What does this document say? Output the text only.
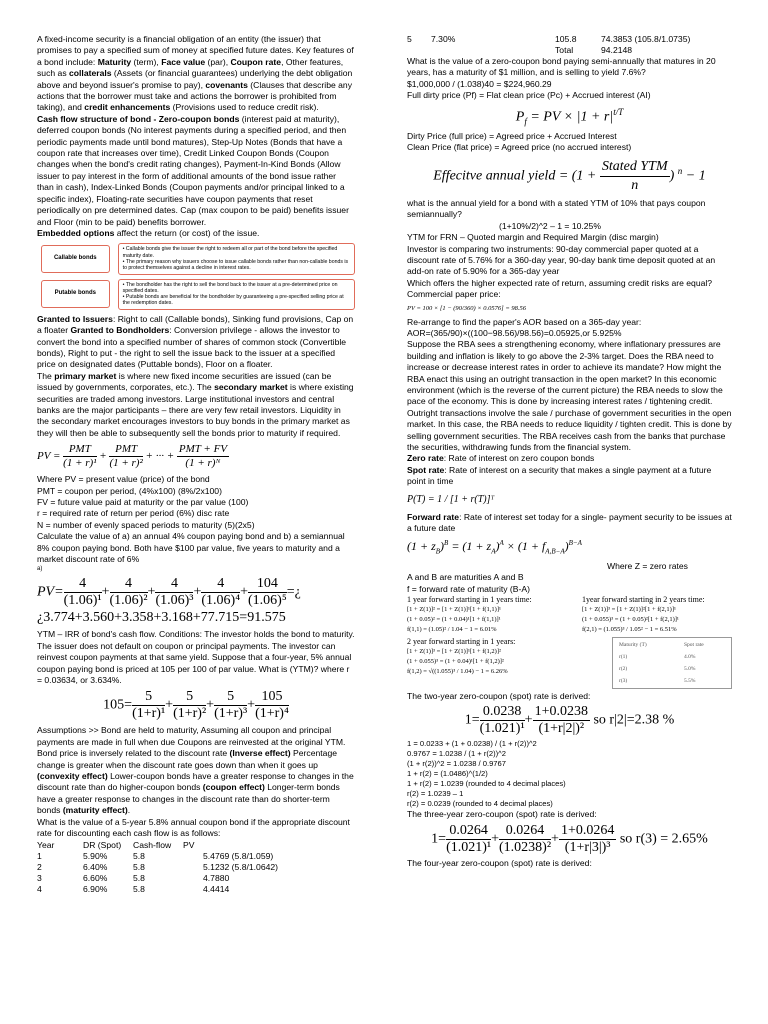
A fixed-income security is a financial obligation of an entity (the issuer) that promises to pay a specified sum of money at specified future dates. Key features of a bond include: Maturity (term), Face value (par), Coupon rate, Other features, such as collaterals (Assets (or financial guarantees) underlying the debt obligation above and beyond issuer's promise to pay), covenants (Clauses that describe any actions that the borrower must take and actions the borrower is prohibited from taking), and credit enhancements (Provisions used to reduce credit risk).

Cash flow structure of bond - Zero-coupon bonds (interest paid at maturity), deferred coupon bonds (No interest payments during a specified period, and then periodic payments made until bond matures), Step-Up Notes (Bonds that have a coupon rate that increases over time), Credit Linked Coupon Bonds (Coupon changes when the bond's credit rating changes), Payment-In-Kind Bonds (Allow issuer to pay interest in the form of additional amounts of the bond issue rather than in cash), Index-Linked Bonds (Coupon payments and/or principal linked to a specific index), Floating-rate securities have coupon payments that reset periodically on pre determined dates. Cap (max coupon to be paid) benefits issuer and Floor (min to be paid) benefits borrower.

Embedded options affect the return (or cost) of the issue.

Callable bonds
• Callable bonds give the issuer the right to redeem all or part of the bond before the specified maturity date.
• The primary reason why issuers choose to issue callable bonds rather than non-callable bonds is to protect themselves against a decline in interest rates.
Putable bonds
• The bondholder has the right to sell the bond back to the issuer at a pre-determined price on specified dates.
• Putable bonds are beneficial for the bondholder by guaranteeing a pre-specified selling price at the redemption dates.

Granted to Issuers: Right to call (Callable bonds), Sinking fund provisions, Cap on a floater Granted to Bondholders: Conversion privilege - allows the investor to convert the bond into a specified number of shares of common stock (Convertible bonds), Right to put - the right to sell the issue back to the issuer at a specified price on designated dates (Puttable bonds), Floor on a floater.

The primary market is where new fixed income securities are issued (can be issued by governments, corporates, etc.). The secondary market is where existing securities are traded among investors. Large institutional investors and central banks are the major participants – there are very few retail investors. Liquidity in the secondary market encourages investors to buy bonds in the primary market as they will then be able to subsequently sell the bonds prior to maturity if required.

PV = $\frac{\text{PMT}}{\text{(1 + r)¹}} + \frac{\text{PMT}}{\text{(1 + r)²}}$ + ··· + $\frac{\text{PMT + FV}}{\text{(1 + r)ᴺ}}$

Where PV = present value (price) of the bond

PMT = coupon per period, (4%x100) (8%/2x100)

FV = future value paid at maturity or the par value (100)

r = required rate of return per period (6%) disc rate

N = number of evenly spaced periods to maturity (5)(2x5)

Calculate the value of a) an annual 4% coupon paying bond and b) a semiannual 8% coupon paying bond. Both have $100 par value, five years to maturity and a market discount rate of 6%

a)

$PV= \frac{4}{\text{(1.06)¹}} + \frac{4}{\text{(1.06)²}} + \frac{4}{\text{(1.06)³}} + \frac{4}{\text{(1.06)⁴}} + \frac{104}{\text{(1.06)⁵}}$ =¿
¿3.774+3.560+3.358+3.168+77.715=91.575

YTM – IRR of bond's cash flow. Conditions: The investor holds the bond to maturity. The issuer does not default on coupon or principal payments. The investor can reinvest coupon payments at that same yield. Suppose that a four-year, 5% annual coupon paying bond is priced at 105 per 100 of par value. What is (YTM)? where r = 0.03634, or 3.634%.

$105= \frac{5}{\text{(1+r)¹}} + \frac{5}{\text{(1+r)²}} + \frac{5}{\text{(1+r)³}} + \frac{105}{\text{(1+r)⁴}}$

Assumptions >> Bond are held to maturity, Assuming all coupon and principal payments are made in full when due Coupons are reinvested at the original YTM. Bond price is inversely related to the discount rate (Inverse effect) Percentage change is greater when the discount rate goes down than when it goes up (convexity effect) Lower-coupon bonds have a greater response to changes in the discount rate than do higher-coupon bonds (coupon effect) Longer-term bonds have a greater response to changes in the discount rate than do shorter-term bonds (maturity effect).

What is the value of a 5-year 5.8% annual coupon bond if the appropriate discount rate for discounting each cash flow is as follows:

Year	DR (Spot)	Cash-flow	PV
1	5.90%	5.8	5.4769 (5.8/1.059)
2	6.40%	5.8	5.1232 (5.8/1.0642)
3	6.60%	5.8	4.7880
4	6.90%	5.8	4.4414
5	7.30%	105.8	74.3853 (105.8/1.0735)
		Total	94.2148

What is the value of a zero-coupon bond paying semi-annually that matures in 20 years, has a maturity of $1 million, and is selling to yield 7.6%?

$1,000,000 / (1.038)40 = $224,960.29

Full dirty price (Pf) = Flat clean price (Pc) + Accrued interest (AI)

$P_f$ = PV × $|1 + r|^{t/T}$

Dirty Price (full price) = Agreed price + Accrued Interest

Clean Price (flat price) = Agreed price (no accrued interest)

Effecitve annual yield = ($1 + \frac{\text{Stated YTM}}{n}$ ) $^n$ − 1

what is the annual yield for a bond with a stated YTM of 10% that pays coupon semiannually?

(1+10%/2)^2 – 1 = 10.25%

YTM for FRN – Quoted margin and Required Margin (disc margin)

Investor is comparing two instruments: 90-day commercial paper quoted at a discount rate of 5.76% for a 360-day year, 90-day bank time deposit quoted at an add-on rate of 5.90% for a 365-day year

Which offers the higher expected rate of return, assuming credit risks are equal?

Commercial paper price:

PV = 100 × [1 − (90/360) × 0.0576] = 98.56

Re-arrange to find the paper's AOR based on a 365-day year:

AOR=(365/90)×((100−98.56)/98.56)=0.05925,or 5.925%

Suppose the RBA sees a strengthening economy, where inflationary pressures are building and inflation is likely to go above the 2-3% target. Does the RBA need to increase or decrease interest rates in order to achieve its mandate? How might the RBA enact this using an outright transaction in the open market? In this economic environment (which is the reverse of the current picture) the RBA needs to slow the pace of the economy. This is done by increasing interest rates / tightening credit. Outright transactions involve the sale / purchase of government securities in the open market. In this case, the RBA needs to reduce liquidity / tighten credit. This is done by selling government securities. The RBA receives cash from the banks that purchase the securities, withdrawing funds from the financial system.

Zero rate: Rate of interest on zero coupon bonds

Spot rate: Rate of interest on a security that makes a single payment at a future point in time

P(T) = 1 / [1 + r(T)]ᵀ

Forward rate: Rate of interest set today for a single- payment security to be issues at a future date

$(1 + z_B)^B = (1 + z_A)^A \times (1 + f_{A,B-A})^{B-A}$

Where Z = zero rates

A and B are maturities A and B

f = forward rate of maturity (B-A)

1 year forward starting in 1 years time:
[1 + Z(1)]² = [1 + Z(1)]¹[1 + f(1,1)]¹
(1 + 0.05)² = (1 + 0.04)¹[1 + f(1,1)]¹
f(1,1) = (1.05)² / 1.04 − 1 = 6.01%
1year forward starting in 2 years time:
[1 + Z(1)]³ = [1 + Z(1)]²[1 + f(2,1)]¹
(1 + 0.055)³ = (1 + 0.05)²[1 + f(2,1)]¹
f(2,1) = (1.055)³ / 1.05² − 1 = 6.51%
2 year forward starting in 1 years:
[1 + Z(1)]³ = [1 + Z(1)]¹[1 + f(1,2)]²
(1 + 0.055)³ = (1 + 0.04)¹[1 + f(1,2)]²
f(1,2) = √((1.055)³ / 1.04) − 1 = 6.26%
Maturity (T)	Spot rate
r(1)	4.0%
r(2)	5.0%
r(3)	5.5%

The two-year zero-coupon (spot) rate is derived:

$1= \frac{0.0238}{\text{(1.021)¹}} + \frac{1+0.0238}{\text{(1+r|2|)²}}$ so r|2|=2.38 %

1 = 0.0233 + (1 + 0.0238) / (1 + r(2))^2

0.9767 = 1.0238 / (1 + r(2))^2

(1 + r(2))^2 = 1.0238 / 0.9767

1 + r(2) = (1.0486)^(1/2)

1 + r(2) = 1.0239 (rounded to 4 decimal places)

r(2) = 1.0239 – 1

r(2) = 0.0239 (rounded to 4 decimal places)

The three-year zero-coupon (spot) rate is derived:

$1= \frac{0.0264}{\text{(1.021)¹}} + \frac{0.0264}{\text{(1.0238)²}} + \frac{1+0.0264}{\text{(1+r|3|)³}}$ so r(3) = 2.65%

The four-year zero-coupon (spot) rate is derived:
